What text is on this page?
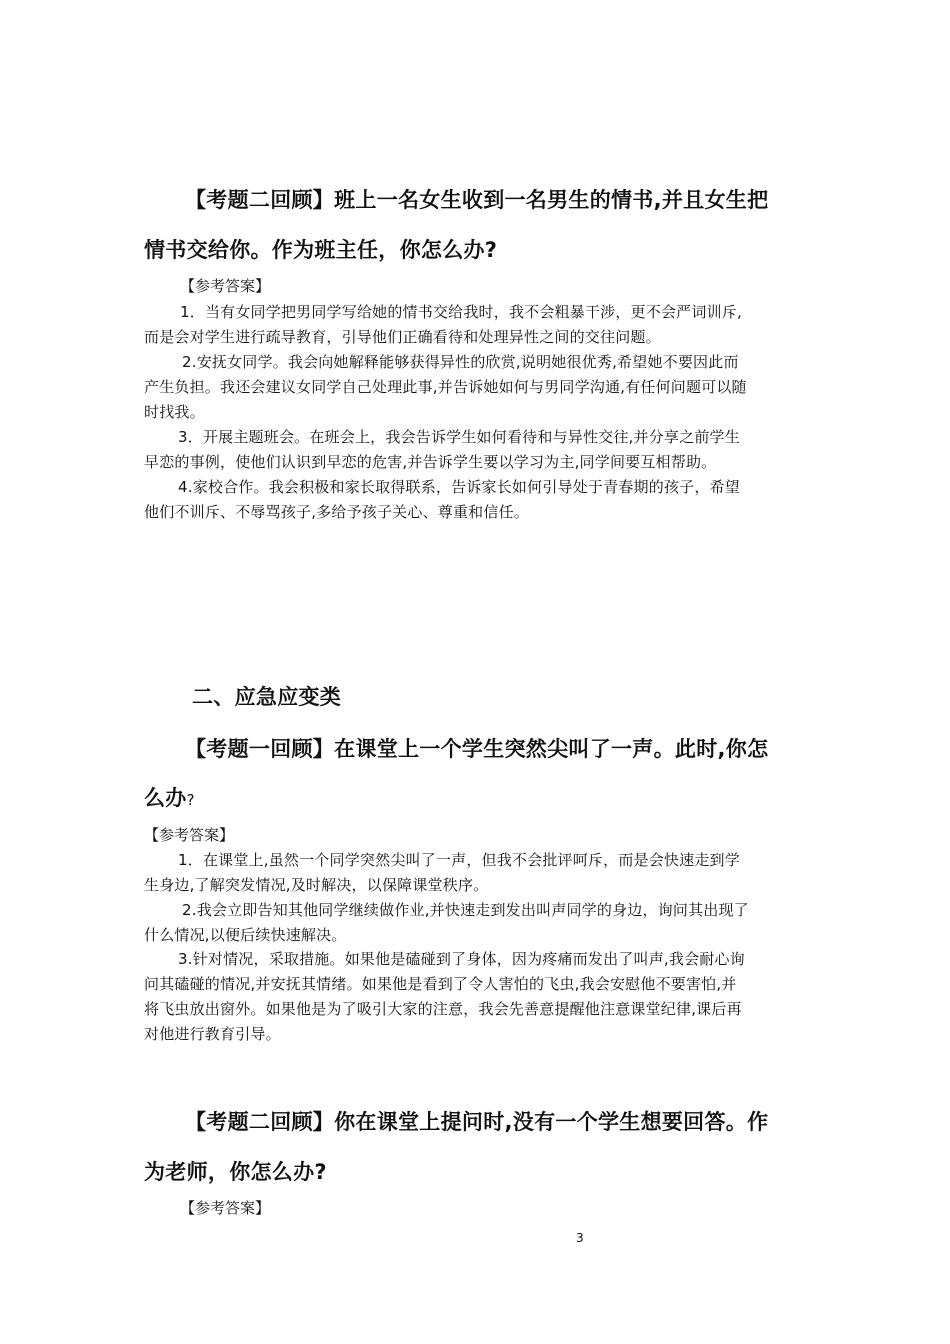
【考题二回顾】班上一名女生收到一名男生的情书,并且女生把
情书交给你。作为班主任，你怎么办?
【参考答案】
1．当有女同学把男同学写给她的情书交给我时，我不会粗暴干涉，更不会严词训斥,
而是会对学生进行疏导教育，引导他们正确看待和处理异性之间的交往问题。
2.安抚女同学。我会向她解释能够获得异性的欣赏,说明她很优秀,希望她不要因此而
产生负担。我还会建议女同学自己处理此事,并告诉她如何与男同学沟通,有任何问题可以随
时找我。
3．开展主题班会。在班会上，我会告诉学生如何看待和与异性交往,并分享之前学生
早恋的事例，使他们认识到早恋的危害,并告诉学生要以学习为主,同学间要互相帮助。
4.家校合作。我会积极和家长取得联系，告诉家长如何引导处于青春期的孩子，希望
他们不训斥、不辱骂孩子,多给予孩子关心、尊重和信任。
二、应急应变类
【考题一回顾】在课堂上一个学生突然尖叫了一声。此时,你怎
么办?
【参考答案】
1．在课堂上,虽然一个同学突然尖叫了一声，但我不会批评呵斥，而是会快速走到学
生身边,了解突发情况,及时解决，以保障课堂秩序。
2.我会立即告知其他同学继续做作业,并快速走到发出叫声同学的身边，询问其出现了
什么情况,以便后续快速解决。
3.针对情况，采取措施。如果他是磕碰到了身体，因为疼痛而发出了叫声,我会耐心询
问其磕碰的情况,并安抚其情绪。如果他是看到了令人害怕的飞虫,我会安慰他不要害怕,并
将飞虫放出窗外。如果他是为了吸引大家的注意，我会先善意提醒他注意课堂纪律,课后再
对他进行教育引导。
【考题二回顾】你在课堂上提问时,没有一个学生想要回答。作
为老师，你怎么办?
【参考答案】
3
